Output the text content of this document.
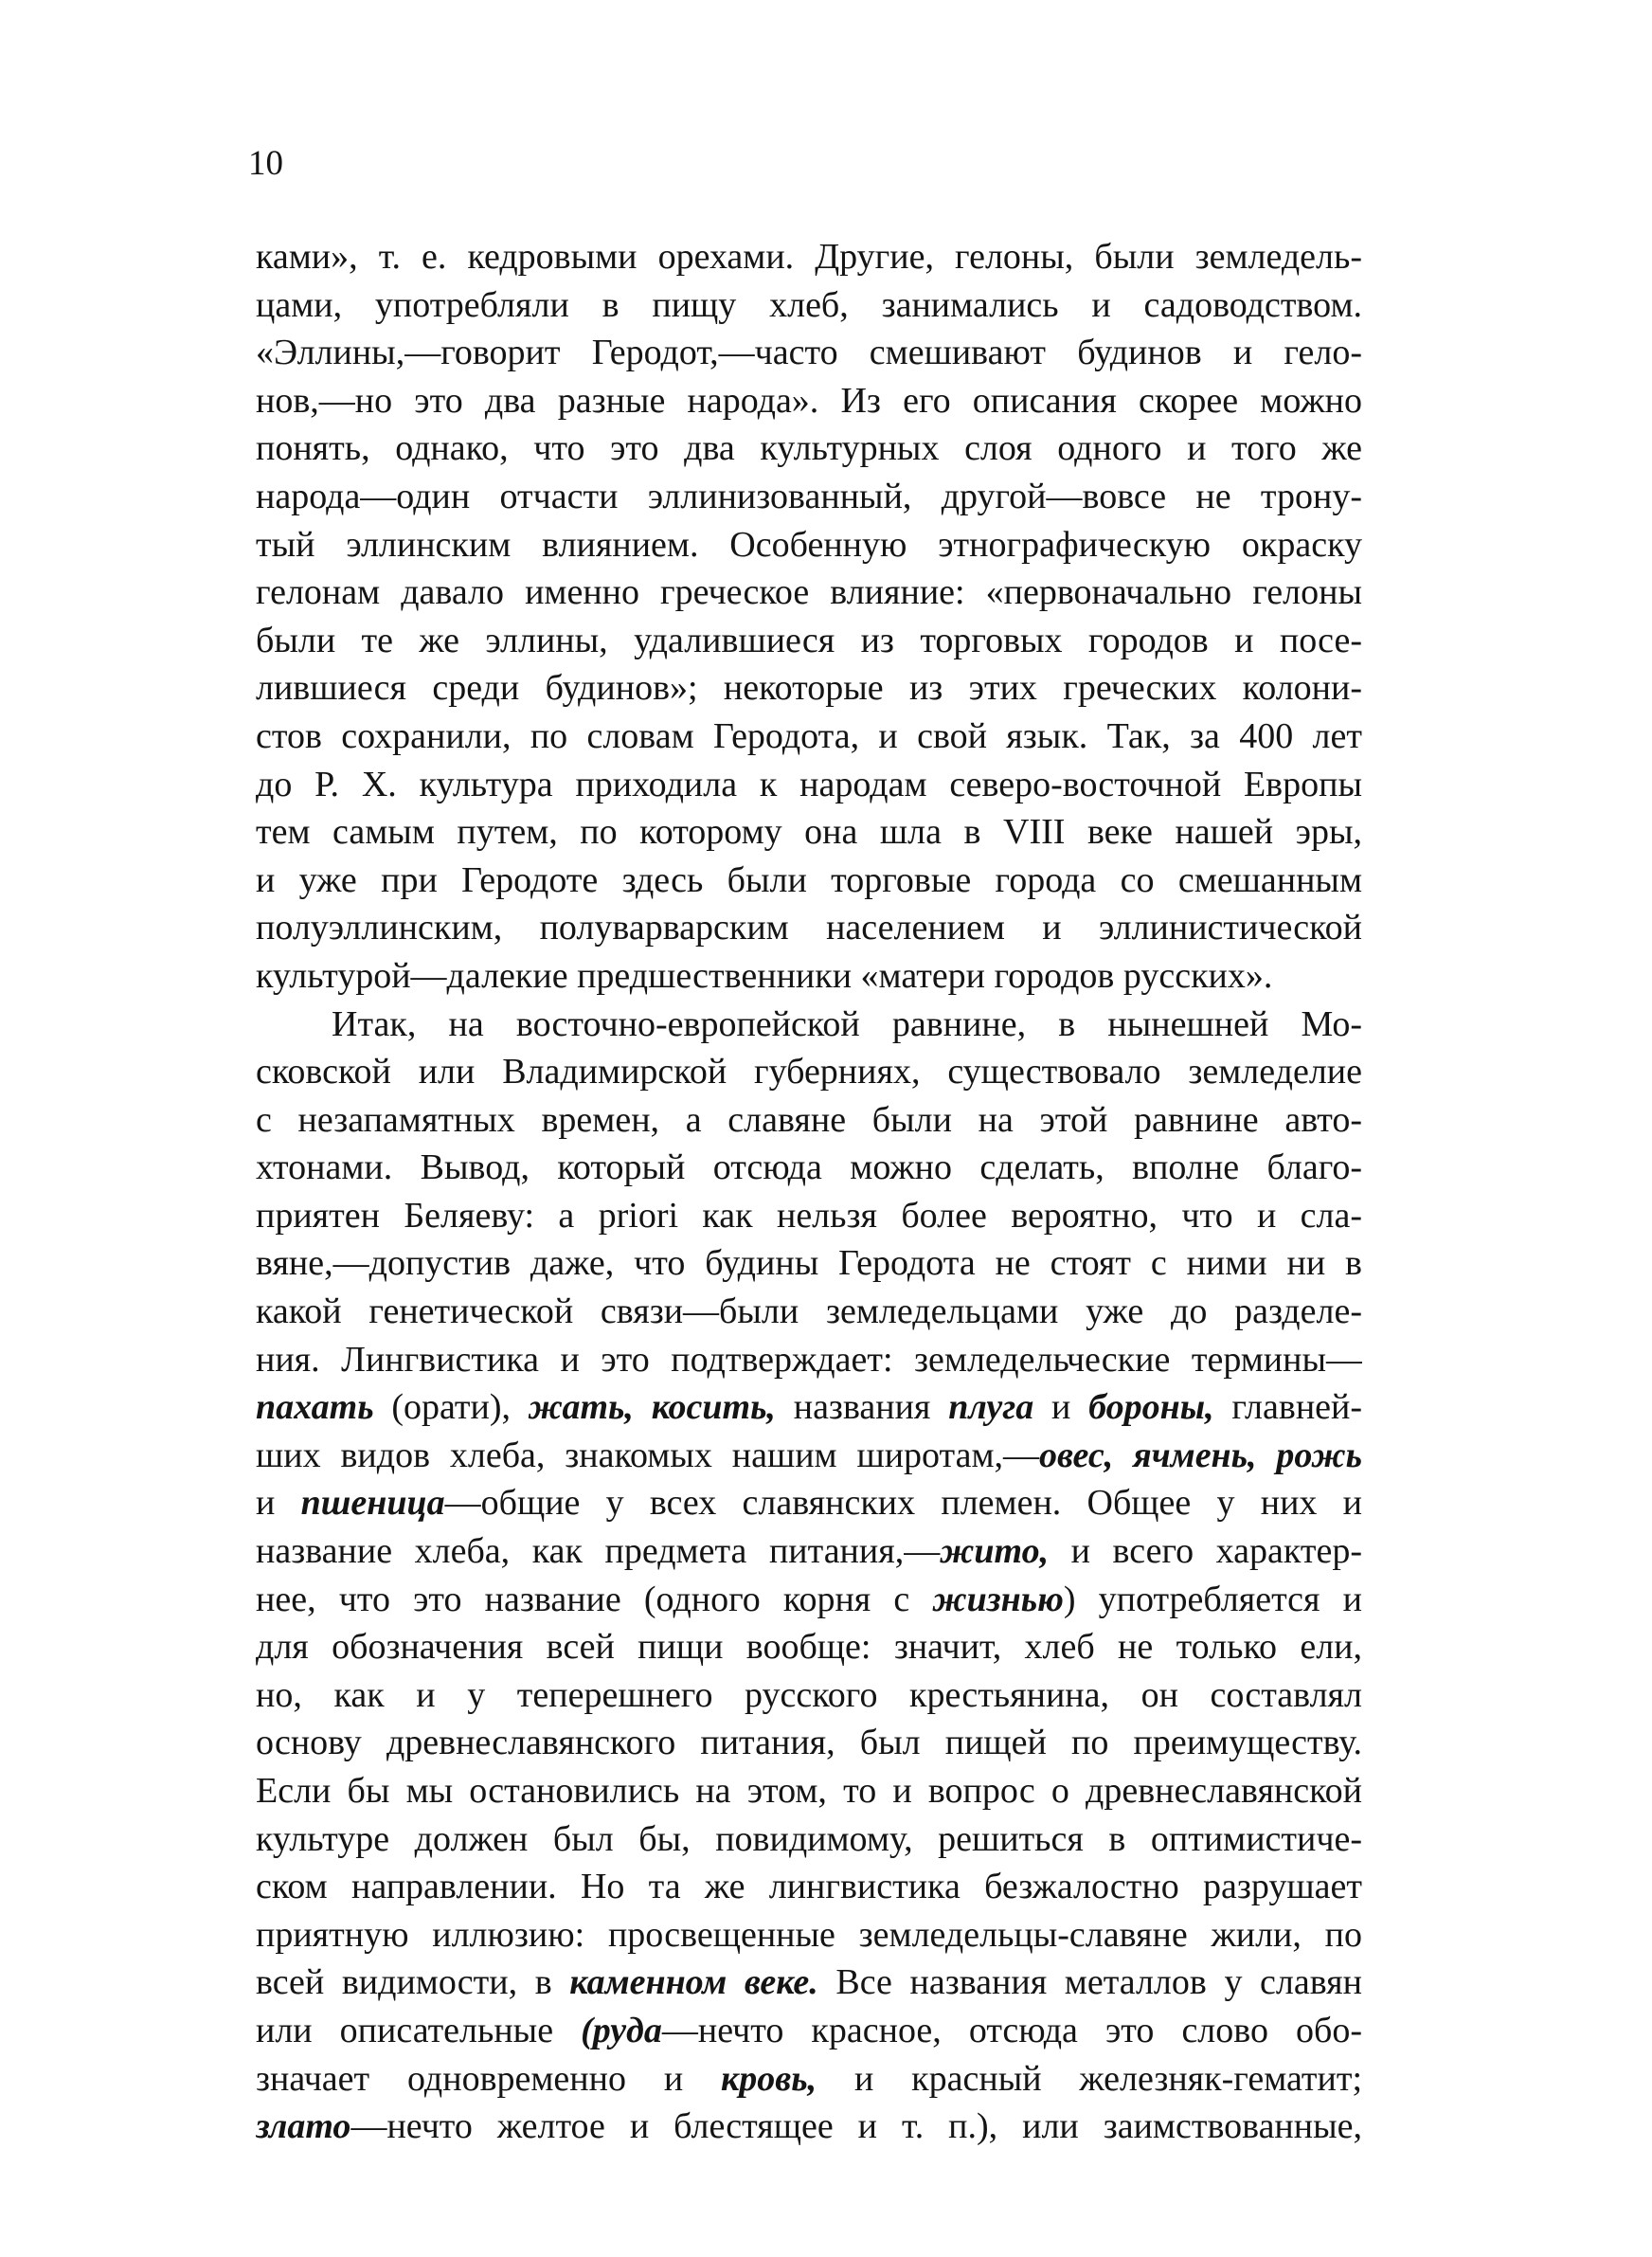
10
ками», т. е. кедровыми орехами. Другие, гелоны, были земледель-
цами, употребляли в пищу хлеб, занимались и садоводством.
«Эллины,—говорит Геродот,—часто смешивают будинов и гело-
нов,—но это два разные народа». Из его описания скорее можно
понять, однако, что это два культурных слоя одного и того же
народа—один отчасти эллинизованный, другой—вовсе не трону-
тый эллинским влиянием. Особенную этнографическую окраску
гелонам давало именно греческое влияние: «первоначально гелоны
были те же эллины, удалившиеся из торговых городов и посе-
лившиеся среди будинов»; некоторые из этих греческих колони-
стов сохранили, по словам Геродота, и свой язык. Так, за 400 лет
до Р. Х. культура приходила к народам северо-восточной Европы
тем самым путем, по которому она шла в VIII веке нашей эры,
и уже при Геродоте здесь были торговые города со смешанным
полуэллинским, полуварварским населением и эллинистической
культурой—далекие предшественники «матери городов русских».
Итак, на восточно-европейской равнине, в нынешней Мо-
сковской или Владимирской губерниях, существовало земледелие
с незапамятных времен, а славяне были на этой равнине авто-
хтонами. Вывод, который отсюда можно сделать, вполне благо-
приятен Беляеву: a priori как нельзя более вероятно, что и сла-
вяне,—допустив даже, что будины Геродота не стоят с ними ни в
какой генетической связи—были земледельцами уже до разделе-
ния. Лингвистика и это подтверждает: земледельческие термины—
пахать (орати), жать, косить, названия плуга и бороны, главней-
ших видов хлеба, знакомых нашим широтам,—овес, ячмень, рожь
и пшеница—общие у всех славянских племен. Общее у них и
название хлеба, как предмета питания,—жито, и всего характер-
нее, что это название (одного корня с жизнью) употребляется и
для обозначения всей пищи вообще: значит, хлеб не только ели,
но, как и у теперешнего русского крестьянина, он составлял
основу древнеславянского питания, был пищей по преимуществу.
Если бы мы остановились на этом, то и вопрос о древнеславянской
культуре должен был бы, повидимому, решиться в оптимистиче-
ском направлении. Но та же лингвистика безжалостно разрушает
приятную иллюзию: просвещенные земледельцы-славяне жили, по
всей видимости, в каменном веке. Все названия металлов у славян
или описательные (руда—нечто красное, отсюда это слово обо-
значает одновременно и кровь, и красный железняк-гематит;
злато—нечто желтое и блестящее и т. п.), или заимствованные,
